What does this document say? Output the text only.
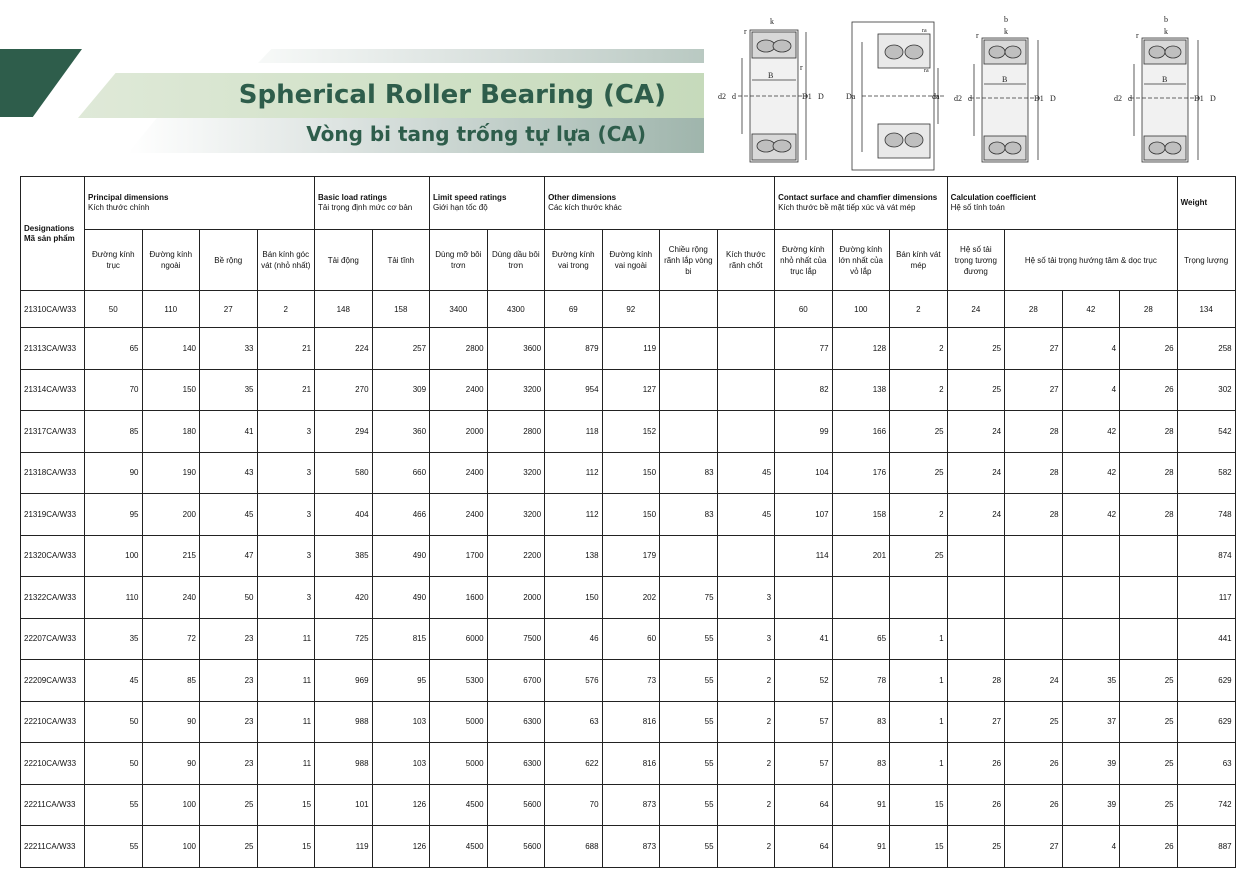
Spherical Roller Bearing (CA)
Vòng bi tang trống tự lựa (CA)
k
r
B
d2 d	D1 D
r
Da	da
ra
ra
b
k
r
B
d2 d	D1 D
b
k
r
B
d2 d	D1 D
Designations
Mã sản phẩm	Principal dimensions
Kích thước chính				Basic load ratings
Tải trọng định mức cơ bản		Limit speed ratings
Giới hạn tốc độ		Other dimensions
Các kích thước khác				Contact surface and chamfier dimensions
Kích thước bề mặt tiếp xúc và vát mép			Calculation coefficient
Hệ số tính toán				Weight

	Đường kính trục	Đường kính ngoài	Bề rộng	Bán kính góc vát (nhỏ nhất)	Tải động	Tải tĩnh	Dùng mỡ bôi trơn	Dùng dầu bôi trơn	Đường kính vai trong	Đường kính vai ngoài	Chiều rộng rãnh lắp vòng bi	Kích thước rãnh chốt	Đường kính nhỏ nhất của trục lắp	Đường kính lớn nhất của vỏ lắp	Bán kính vát mép	Hệ số tải trọng tương đương	Hệ số tải trọng hướng tâm & dọc trục			Trọng lượng
21310CA/W33	50	110	27	2	148	158	3400	4300	69	92			60	100	2	24	28	42	28	134
21313CA/W33	65	140	33	21	224	257	2800	3600	879	119			77	128	2	25	27	4	26	258
21314CA/W33	70	150	35	21	270	309	2400	3200	954	127			82	138	2	25	27	4	26	302
21317CA/W33	85	180	41	3	294	360	2000	2800	118	152			99	166	25	24	28	42	28	542
21318CA/W33	90	190	43	3	580	660	2400	3200	112	150	83	45	104	176	25	24	28	42	28	582
21319CA/W33	95	200	45	3	404	466	2400	3200	112	150	83	45	107	158	2	24	28	42	28	748
21320CA/W33	100	215	47	3	385	490	1700	2200	138	179			114	201	25					874
21322CA/W33	110	240	50	3	420	490	1600	2000	150	202	75	3								117
22207CA/W33	35	72	23	11	725	815	6000	7500	46	60	55	3	41	65	1					441
22209CA/W33	45	85	23	11	969	95	5300	6700	576	73	55	2	52	78	1	28	24	35	25	629
22210CA/W33	50	90	23	11	988	103	5000	6300	63	816	55	2	57	83	1	27	25	37	25	629
22210CA/W33	50	90	23	11	988	103	5000	6300	622	816	55	2	57	83	1	26	26	39	25	63
22211CA/W33	55	100	25	15	101	126	4500	5600	70	873	55	2	64	91	15	26	26	39	25	742
22211CA/W33	55	100	25	15	119	126	4500	5600	688	873	55	2	64	91	15	25	27	4	26	887
